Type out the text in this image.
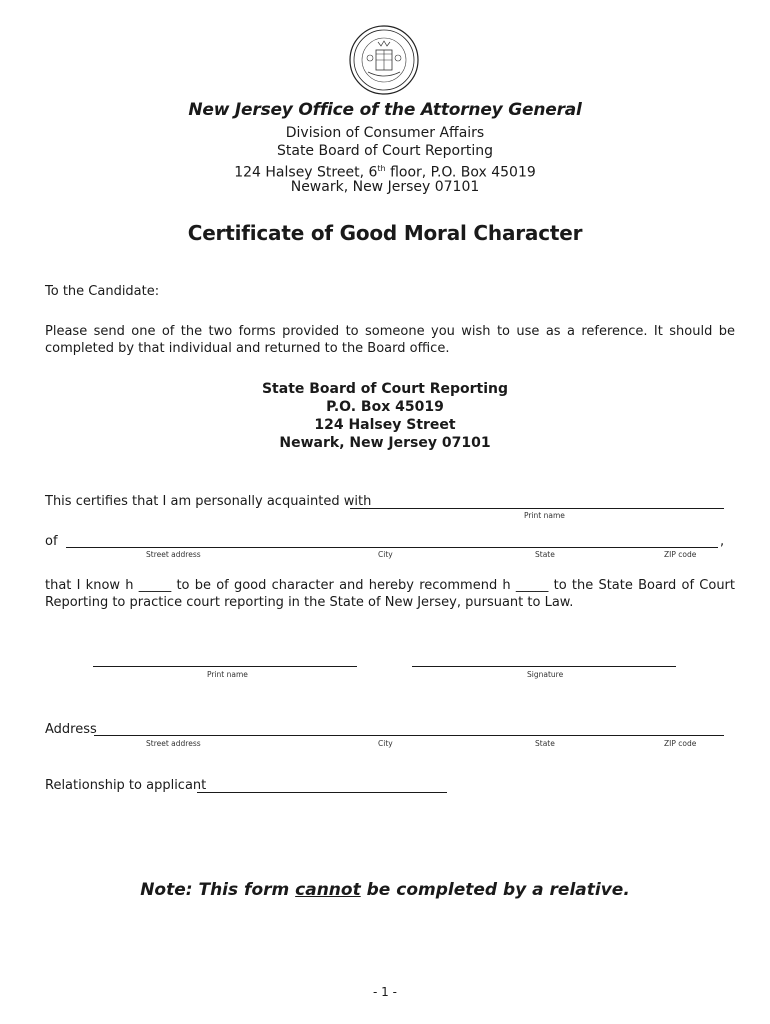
New Jersey Office of the Attorney General
Division of Consumer Affairs
State Board of Court Reporting
124 Halsey Street, 6th floor, P.O. Box 45019
Newark, New Jersey 07101
Certificate of Good Moral Character
To the Candidate:
Please send one of the two forms provided to someone you wish to use as a reference. It should be completed by that individual and returned to the Board office.
State Board of Court Reporting
P.O. Box 45019
124 Halsey Street
Newark, New Jersey 07101
This certifies that I am personally acquainted with
Print name
of	,
Street address	City	State	ZIP code
that I know h _____ to be of good character and hereby recommend h _____ to the State Board of Court Reporting to practice court reporting in the State of New Jersey, pursuant to Law.
Print name	Signature
Address
Street address	City	State	ZIP code
Relationship to applicant
Note: This form cannot be completed by a relative.
- 1 -
